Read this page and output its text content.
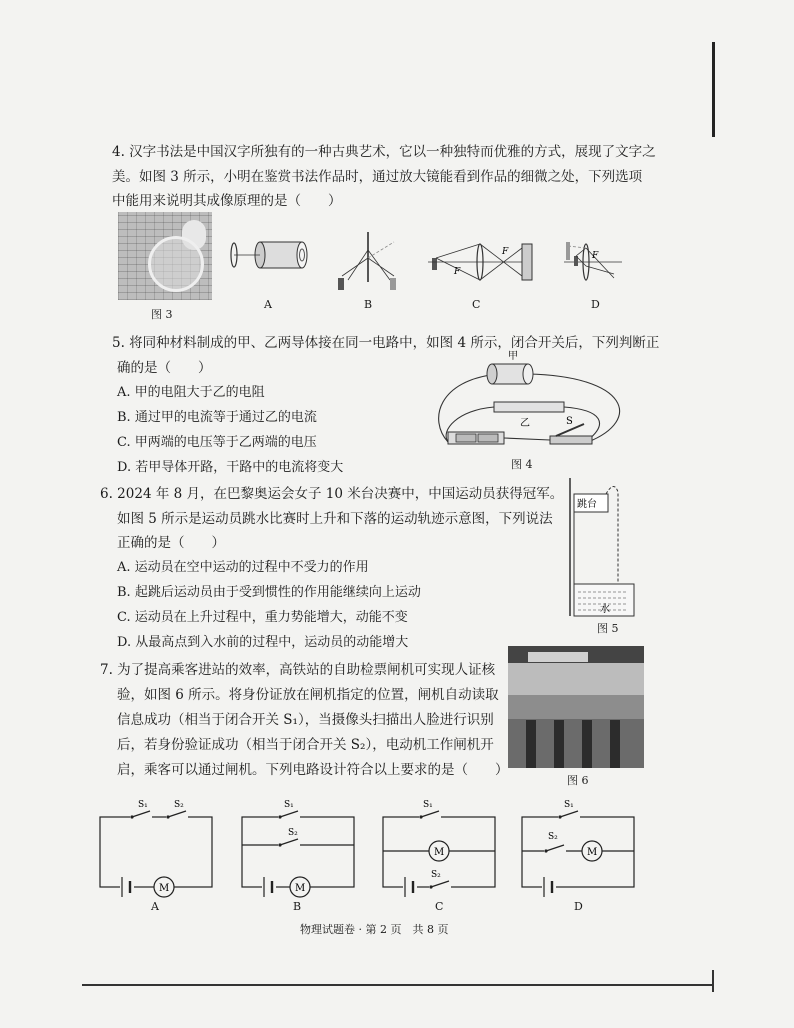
4. 汉字书法是中国汉字所独有的一种古典艺术，它以一种独特而优雅的方式，展现了文字之
美。如图 3 所示，小明在鉴赏书法作品时，通过放大镜能看到作品的细微之处，下列选项
中能用来说明其成像原理的是（　　）
图 3
A	B
F
F
C
F
D
5. 将同种材料制成的甲、乙两导体接在同一电路中，如图 4 所示，闭合开关后，下列判断正
确的是（　　）
A. 甲的电阻大于乙的电阻
B. 通过甲的电流等于通过乙的电流
C. 甲两端的电压等于乙两端的电压
D. 若甲导体开路，干路中的电流将变大
甲
乙	S
图 4
6. 2024 年 8 月，在巴黎奥运会女子 10 米台决赛中，中国运动员获得冠军。
如图 5 所示是运动员跳水比赛时上升和下落的运动轨迹示意图，下列说法
正确的是（　　）
A. 运动员在空中运动的过程中不受力的作用
B. 起跳后运动员由于受到惯性的作用能继续向上运动
C. 运动员在上升过程中，重力势能增大，动能不变
D. 从最高点到入水前的过程中，运动员的动能增大
跳台
水
图 5
7. 为了提高乘客进站的效率，高铁站的自助检票闸机可实现人证核
验，如图 6 所示。将身份证放在闸机指定的位置，闸机自动读取
信息成功（相当于闭合开关 S₁），当摄像头扫描出人脸进行识别
后，若身份验证成功（相当于闭合开关 S₂），电动机工作闸机开
启，乘客可以通过闸机。下列电路设计符合以上要求的是（　　）
图 6
S₁	S₂
M
A
S₁
S₂
M
B
S₁
M
S₂
C
S₁
S₂
M
D
物理试题卷 · 第 2 页　共 8 页
